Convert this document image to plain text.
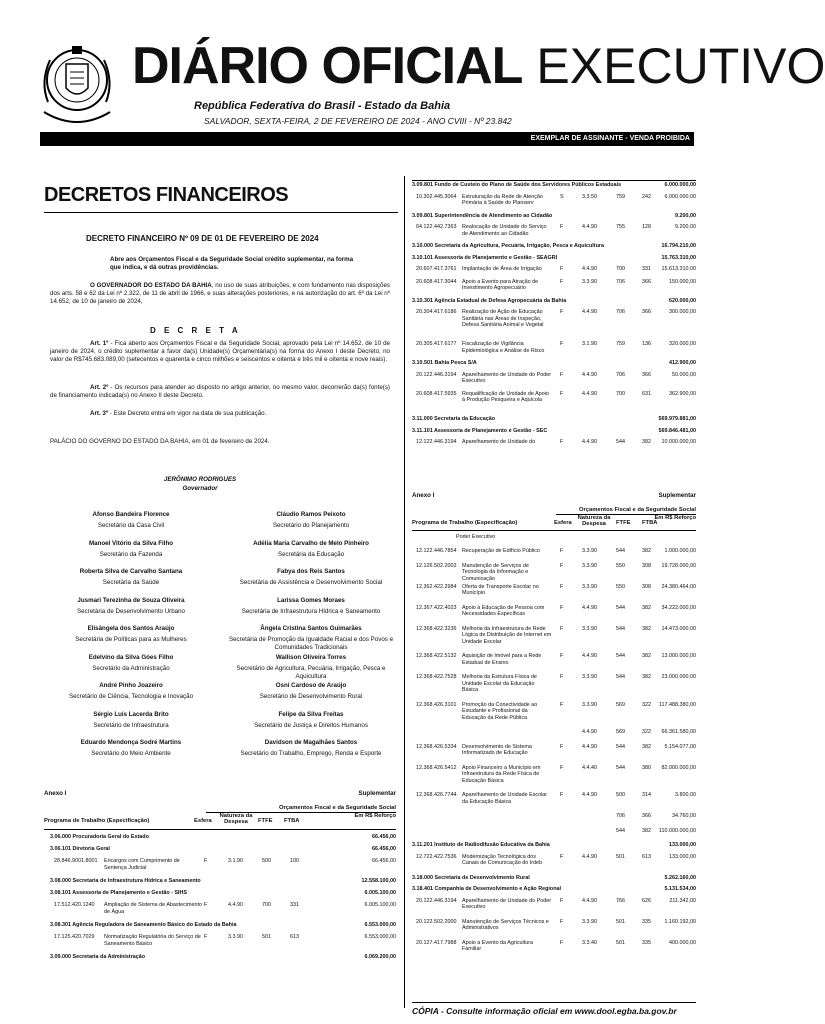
DIÁRIO OFICIAL EXECUTIVO
República Federativa do Brasil - Estado da Bahia
SALVADOR, SEXTA-FEIRA, 2 DE FEVEREIRO DE 2024 - ANO CVIII - Nº 23.842
EXEMPLAR DE ASSINANTE - VENDA PROIBIDA
DECRETOS FINANCEIROS
DECRETO FINANCEIRO Nº 09 DE 01 DE FEVEREIRO DE 2024
Abre aos Orçamentos Fiscal e da Seguridade Social crédito suplementar, na forma que indica, e dá outras providências.
O GOVERNADOR DO ESTADO DA BAHIA, no uso de suas atribuições, e com fundamento nas disposições dos arts. 58 e 62 da Lei nº 2.322, de 11 de abril de 1966, e suas alterações posteriores, e na autorização do art. 6º da Lei nº 14.652, de 10 de janeiro de 2024,
D E C R E T A
Art. 1º - Fica aberto aos Orçamentos Fiscal e da Seguridade Social, aprovado pela Lei nº 14.652, de 10 de janeiro de 2024, o crédito suplementar a favor da(s) Unidade(s) Orçamentária(s) na forma do Anexo I deste Decreto, no valor de R$745.683.089,00 (setecentos e quarenta e cinco milhões e seiscentos e oitenta e três mil e oitenta e nove reais).
Art. 2º - Os recursos para atender ao disposto no artigo anterior, no mesmo valor, decorrerão da(s) fonte(s) de financiamento indicada(s) no Anexo II deste Decreto.
Art. 3º - Este Decreto entra em vigor na data de sua publicação.
PALÁCIO DO GOVERNO DO ESTADO DA BAHIA, em 01 de fevereiro de 2024.
JERÔNIMO RODRIGUES
Governador
Afonso Bandeira Florence
Secretário da Casa Civil
Cláudio Ramos Peixoto
Secretário do Planejamento
Manoel Vitório da Silva Filho
Secretário da Fazenda
Adélia Maria Carvalho de Melo Pinheiro
Secretária da Educação
Roberta Silva de Carvalho Santana
Secretária da Saúde
Fabya dos Reis Santos
Secretária de Assistência e Desenvolvimento Social
Jusmari Terezinha de Souza Oliveira
Secretária de Desenvolvimento Urbano
Larissa Gomes Moraes
Secretária de Infraestrutura Hídrica e Saneamento
Elisângela dos Santos Araújo
Secretária de Políticas para as Mulheres
Ângela Cristina Santos Guimarães
Secretária de Promoção da Igualdade Racial e dos Povos e Comunidades Tradicionais
Edelvino da Silva Góes Filho
Secretário da Administração
Wallison Oliveira Torres
Secretário de Agricultura, Pecuária, Irrigação, Pesca e Aquicultura
André Pinho Joazeiro
Secretário de Ciência, Tecnologia e Inovação
Osni Cardoso de Araújo
Secretário de Desenvolvimento Rural
Sérgio Luís Lacerda Brito
Secretário de Infraestrutura
Felipe da Silva Freitas
Secretário de Justiça e Direitos Humanos
Eduardo Mendonça Sodré Martins
Secretário do Meio Ambiente
Davidson de Magalhães Santos
Secretário do Trabalho, Emprego, Renda e Esporte
Anexo I	Suplementar
Orçamentos Fiscal e da Seguridade Social
Programa de Trabalho (Especificação)	Esfera
Natureza da Despesa	FTFE FTBA
Em R$ Reforço
3.06.000 Procuradoria Geral do Estado	66.456,00
3.06.101 Diretoria Geral	66.456,00
28.846.9001.8001 Encargos com Cumprimento de Sentença Judicial
F	3.1.90	500	100	66.456,00
3.08.000 Secretaria de Infraestrutura Hídrica e Saneamento	12.558.100,00
3.08.101 Assessoria de Planejamento e Gestão - SIHS	6.005.100,00
17.512.420.1240 Ampliação de Sistema de Abastecimento de Água
F	4.4.90	700	331	6.005.100,00
3.08.301 Agência Reguladora de Saneamento Básico do Estado da Bahia	6.553.000,00
17.125.420.7029 Normatização Regulatória do Serviço de Saneamento Básico
F	3.3.90	501	613	6.553.000,00
3.09.000 Secretaria da Administração	6.069.200,00
3.09.801 Fundo de Custeio do Plano de Saúde dos Servidores Públicos Estaduais	6.000.000,00
10.302.445.3064 Estruturação da Rede de Atenção Primária à Saúde do Planserv
S	3.3.50	759	242	6.000.000,00
3.09.801 Superintendência de Atendimento ao Cidadão	9.200,00
04.122.442.7363 Realocação de Unidade do Serviço de Atendimento ao Cidadão
F	4.4.90	755	128	9.200,00
3.10.000 Secretaria da Agricultura, Pecuária, Irrigação, Pesca e Aquicultura	16.794.210,00
3.10.101 Assessoria de Planejamento e Gestão - SEAGRI	15.763.310,00
20.607.417.3761 Implantação de Área de Irrigação	F	4.4.90	700	331 15.613.310,00
20.608.417.3044 Apoio a Evento para Atração de Investimento Agropecuário
F	3.3.90	706	366	150.000,00
3.10.301 Agência Estadual de Defesa Agropecuária da Bahia	620.000,00
20.304.417.6186 Realização de Ação de Educação Sanitária nas Áreas de Inspeção, Defesa Sanitária Animal e Vegetal
F	4.4.90	706	366	300.000,00
20.305.417.6177 Fiscalização de Vigilância Epidemiológica e Análise de Risco
F	3.1.90	759	136	320.000,00
3.10.501 Bahia Pesca S/A	412.900,00
20.122.446.3194 Aparelhamento de Unidade do Poder Executivo
F	4.4.90	706	366	50.000,00
20.608.417.5935 Requalificação de Unidade de Apoio à Produção Pesqueira e Aquícola
F	4.4.90	700	631	362.900,00
3.11.000 Secretaria da Educação	569.979.881,00
3.11.101 Assessoria de Planejamento e Gestão - SEC	569.846.481,00
12.122.446.3194 Aparelhamento de Unidade do	F	4.4.90	544	382 10.000.000,00
Anexo I	Suplementar
Orçamentos Fiscal e da Seguridade Social
Programa de Trabalho (Especificação)	Esfera
Natureza da Despesa	FTFE FTBA
Em R$ Reforço
Poder Executivo
12.122.446.7854 Recuperação de Edifício Público	F	3.3.90	544	382	1.000.000,00
12.126.502.2002 Manutenção de Serviços de Tecnologia da Informação e Comunicação
F	3.3.90	550	308 19.728.000,00
12.362.422.2984 Oferta de Transporte Escolar no Município
F	3.3.90	550	308 24.380.464,00
12.367.422.4023 Apoio à Educação de Pessoa com Necessidades Específicas
F	4.4.90	544	382 34.222.000,00
12.368.422.3236 Melhoria da Infraestrutura de Rede Lógica de Distribuição de Internet em Unidade Escolar
F	3.3.90	544	382 14.473.000,00
12.368.422.5132 Aquisição de Imóvel para a Rede Estadual de Ensino
F	4.4.90	544	382 13.000.000,00
12.368.422.7528 Melhoria da Estrutura Física de Unidade Escolar da Educação Básica
F	3.3.90	544	382 23.000.000,00
12.368.426.3101 Promoção da Conectividade ao Estudante e Profissional da Educação da Rede Pública
F	3.3.90	569	322 117.488.380,00
4.4.90	569	322 66.361.580,00
12.368.426.5334 Desenvolvimento de Sistema Informatizado de Educação
F	4.4.90	544	382	5.154.077,00
12.368.426.5412 Apoio Financeiro a Município em Infraestrutura da Rede Física de Educação Básica
F	4.4.40	544	380 82.000.000,00
12.368.426.7744 Aparelhamento de Unidade Escolar da Educação Básica
F	4.4.90	500	314	3.800,00
706	366	34.760,00
544	382 110.000.000,00
3.11.201 Instituto de Radiodifusão Educativa da Bahia	133.000,00
12.722.422.7536 Modernização Tecnológica dos Canais de Comunicação do Irdeb
F	4.4.90	501	613	133.000,00
3.18.000 Secretaria de Desenvolvimento Rural	5.262.160,00
3.18.401 Companhia de Desenvolvimento e Ação Regional	5.131.534,00
20.122.446.3194 Aparelhamento de Unidade do Poder Executivo
F	4.4.90	766	626	211.342,00
20.122.502.2000 Manutenção de Serviços Técnicos e Administrativos
F	3.3.90	501	335	1.160.192,00
20.127.417.7988 Apoio a Evento da Agricultura Familiar
F	3.3.40	501	335	400.000,00
CÓPIA - Consulte informação oficial em www.dool.egba.ba.gov.br
